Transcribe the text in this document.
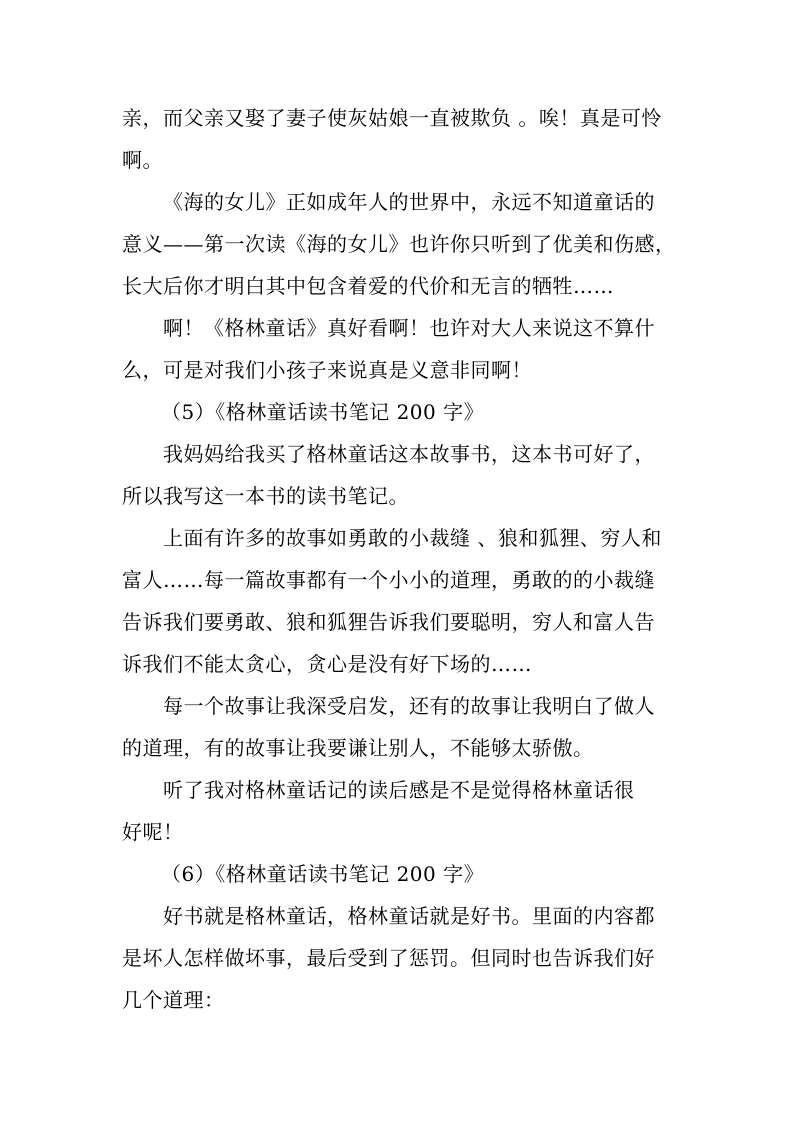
亲，而父亲又娶了妻子使灰姑娘一直被欺负 。唉！真是可怜
啊。
《海的女儿》正如成年人的世界中，永远不知道童话的
意义——第一次读《海的女儿》也许你只听到了优美和伤感，
长大后你才明白其中包含着爱的代价和无言的牺牲……
啊！《格林童话》真好看啊！也许对大人来说这不算什
么，可是对我们小孩子来说真是义意非同啊！
（5）《格林童话读书笔记 200 字》
我妈妈给我买了格林童话这本故事书，这本书可好了，
所以我写这一本书的读书笔记。
上面有许多的故事如勇敢的小裁缝 、狼和狐狸、穷人和
富人……每一篇故事都有一个小小的道理，勇敢的的小裁缝
告诉我们要勇敢、狼和狐狸告诉我们要聪明，穷人和富人告
诉我们不能太贪心，贪心是没有好下场的……
每一个故事让我深受启发，还有的故事让我明白了做人
的道理，有的故事让我要谦让别人，不能够太骄傲。
听了我对格林童话记的读后感是不是觉得格林童话很
好呢！
（6）《格林童话读书笔记 200 字》
好书就是格林童话，格林童话就是好书。里面的内容都
是坏人怎样做坏事，最后受到了惩罚。但同时也告诉我们好
几个道理：
